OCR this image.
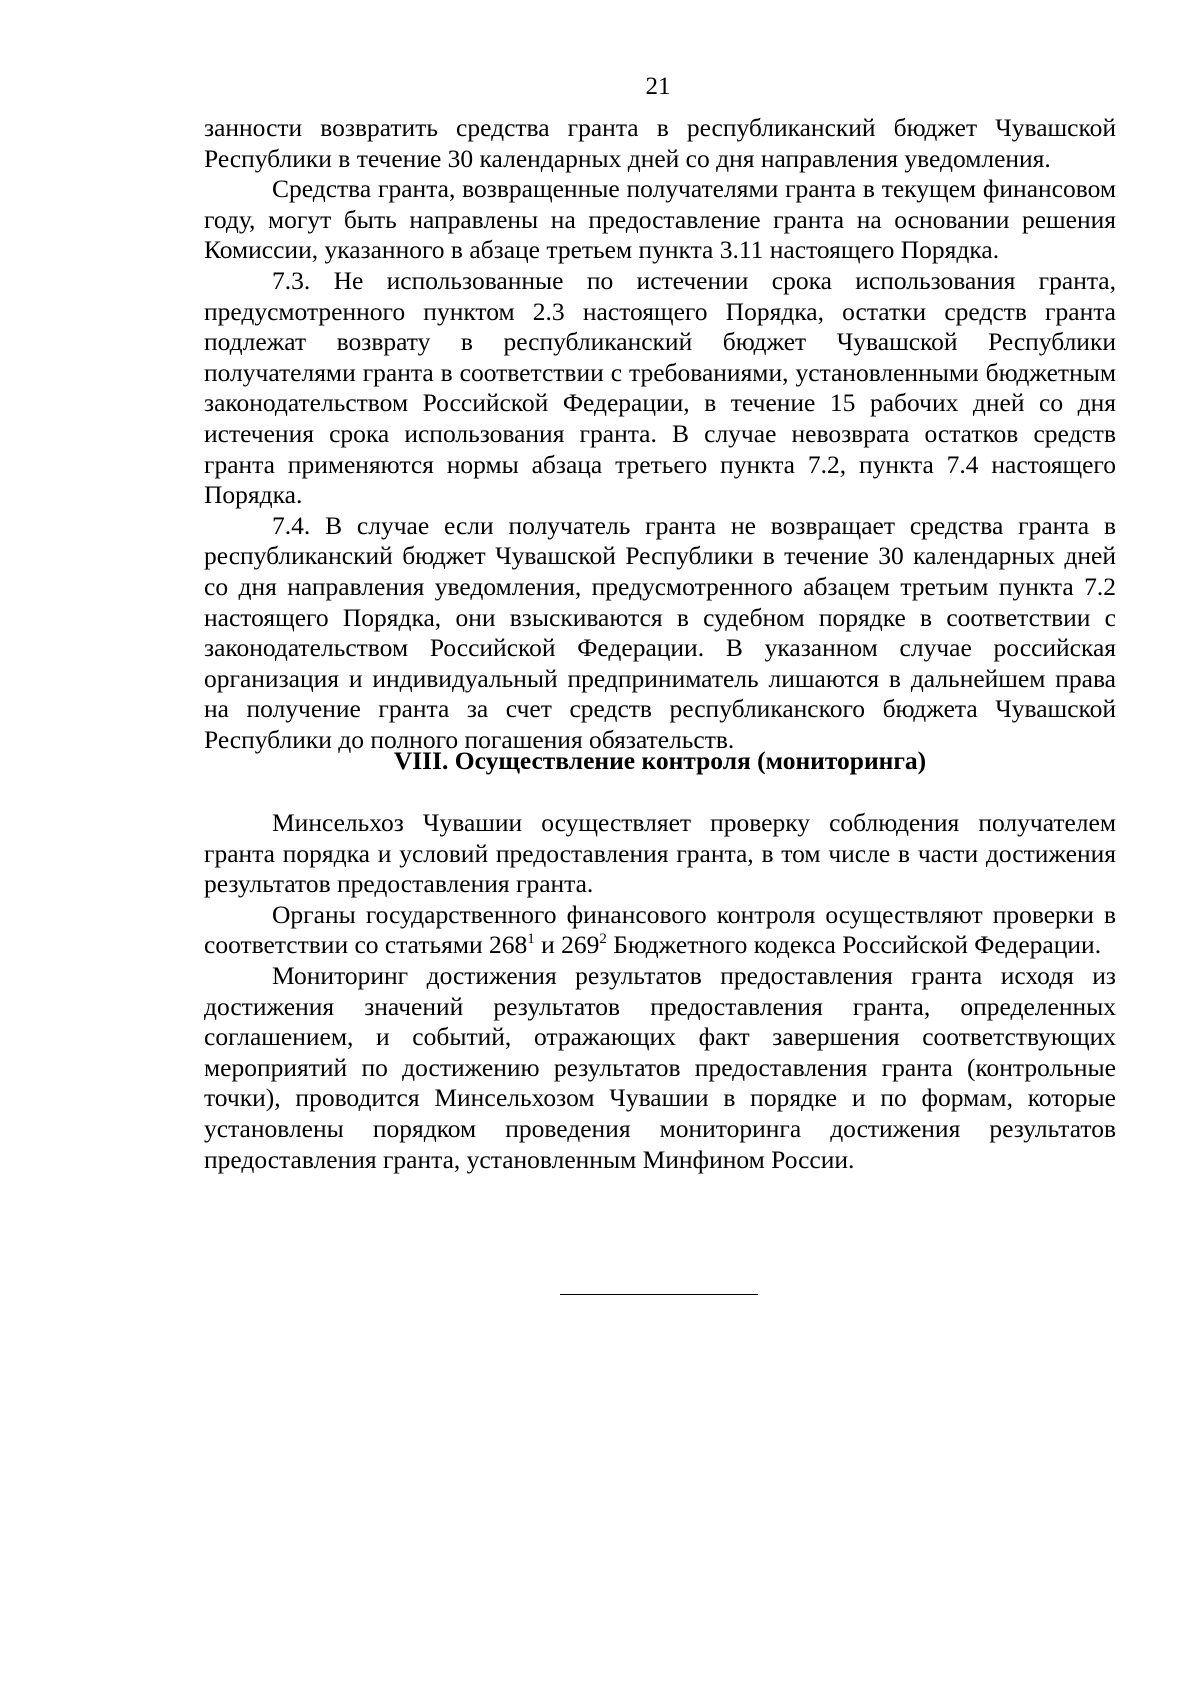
21

занности возвратить средства гранта в республиканский бюджет Чувашской Республики в течение 30 календарных дней со дня направления уведомления.

Средства гранта, возвращенные получателями гранта в текущем финансовом году, могут быть направлены на предоставление гранта на основании решения Комиссии, указанного в абзаце третьем пункта 3.11 настоящего Порядка.

7.3. Не использованные по истечении срока использования гранта, предусмотренного пунктом 2.3 настоящего Порядка, остатки средств гранта подлежат возврату в республиканский бюджет Чувашской Республики получателями гранта в соответствии с требованиями, установленными бюджетным законодательством Российской Федерации, в течение 15 рабочих дней со дня истечения срока использования гранта. В случае невозврата остатков средств гранта применяются нормы абзаца третьего пункта 7.2, пункта 7.4 настоящего Порядка.

7.4. В случае если получатель гранта не возвращает средства гранта в республиканский бюджет Чувашской Республики в течение 30 календарных дней со дня направления уведомления, предусмотренного абзацем третьим пункта 7.2 настоящего Порядка, они взыскиваются в судебном порядке в соответствии с законодательством Российской Федерации. В указанном случае российская организация и индивидуальный предприниматель лишаются в дальнейшем права на получение гранта за счет средств республиканского бюджета Чувашской Республики до полного погашения обязательств.

VIII. Осуществление контроля (мониторинга)

Минсельхоз Чувашии осуществляет проверку соблюдения получателем гранта порядка и условий предоставления гранта, в том числе в части достижения результатов предоставления гранта.

Органы государственного финансового контроля осуществляют проверки в соответствии со статьями $268^1$ и $269^2$ Бюджетного кодекса Российской Федерации.

Мониторинг достижения результатов предоставления гранта исходя из достижения значений результатов предоставления гранта, определенных соглашением, и событий, отражающих факт завершения соответствующих мероприятий по достижению результатов предоставления гранта (контрольные точки), проводится Минсельхозом Чувашии в порядке и по формам, которые установлены порядком проведения мониторинга достижения результатов предоставления гранта, установленным Минфином России.
